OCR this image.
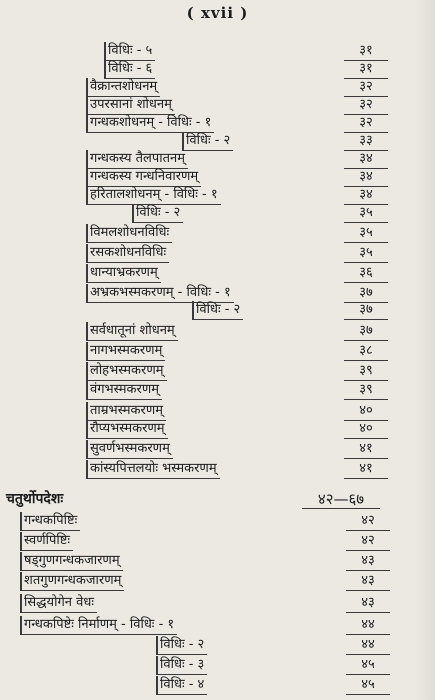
( xvii )
विधिः - ५	३१
विधिः - ६	३१
वैक्रान्तशोधनम्	३२
उपरसानां शोधनम्	३२
गन्धकशोधनम् - विधिः - १	३२
विधिः - २	३३
गन्धकस्य तैलपातनम्	३४
गन्धकस्य गन्धनिवारणम्	३४
हरितालशोधनम् - विधिः - १	३४
विधिः - २	३५
विमलशोधनविधिः	३५
रसकशोधनविधिः	३५
धान्याभ्रकरणम्	३६
अभ्रकभस्मकरणम् - विधिः - १	३७
विधिः - २	३७
सर्वधातूनां शोधनम्	३७
नागभस्मकरणम्	३८
लोहभस्मकरणम्	३९
वंगभस्मकरणम्	३९
ताम्रभस्मकरणम्	४०
रौप्यभस्मकरणम्	४०
सुवर्णभस्मकरणम्	४१
कांस्यपित्तलयोः भस्मकरणम्	४१
चतुर्थोपदेशः	४२—६७
गन्धकपिष्टिः	४२
स्वर्णपिष्टिः	४२
षड्गुणगन्धकजारणम्	४३
शतगुणगन्धकजारणम्	४३
सिद्धयोगेन वेधः	४३
गन्धकपिष्टेः निर्माणम् - विधिः - १	४४
विधिः - २	४४
विधिः - ३	४५
विधिः - ४	४५
